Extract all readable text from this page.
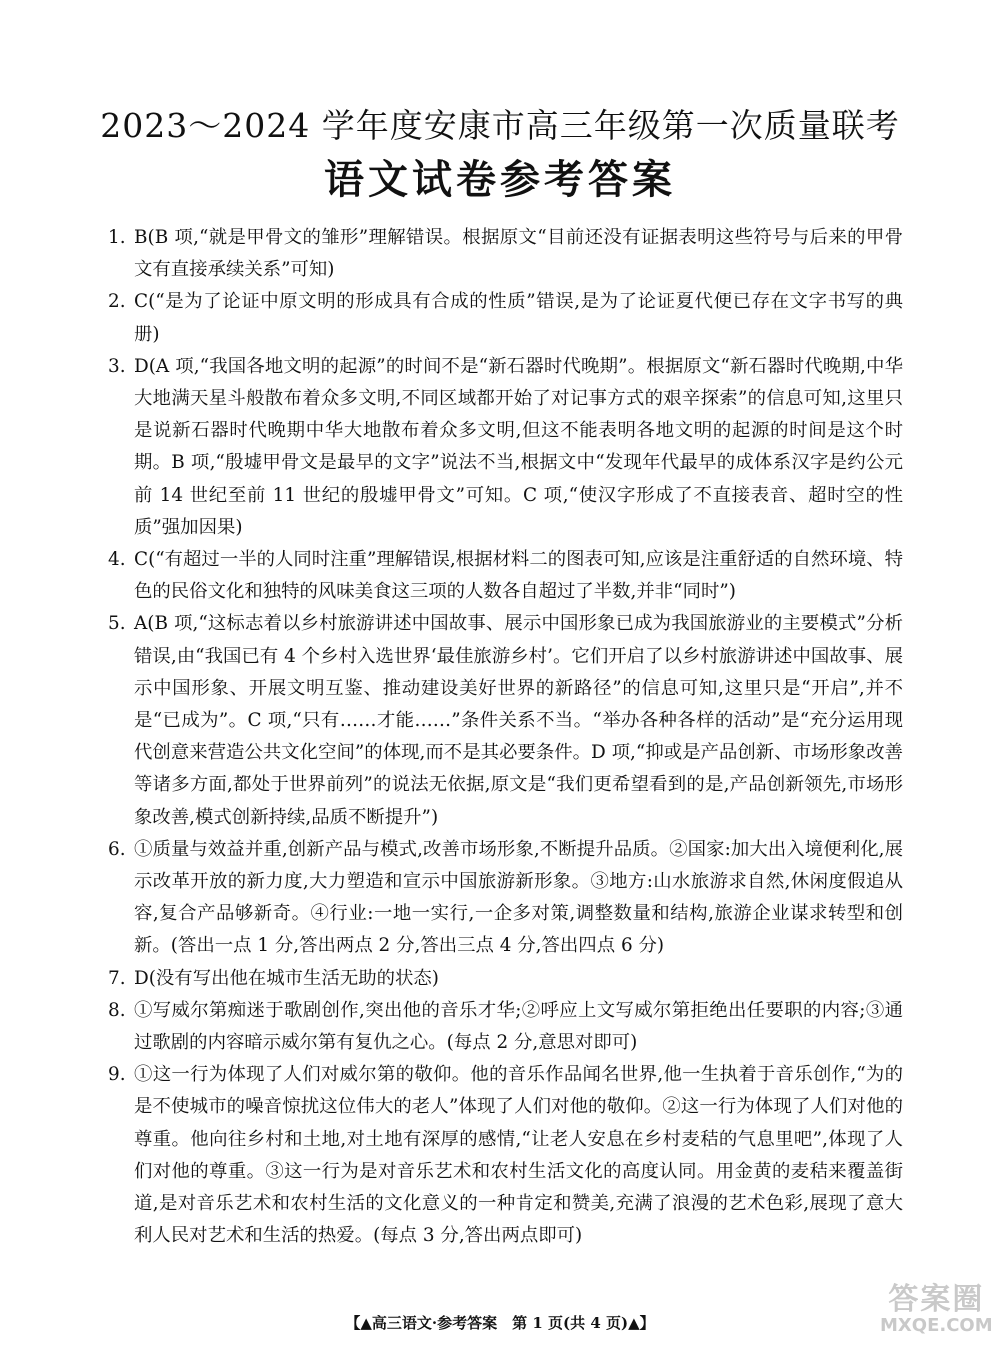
2023～2024 学年度安康市高三年级第一次质量联考
语文试卷参考答案
1. B(B 项,“就是甲骨文的雏形”理解错误。根据原文“目前还没有证据表明这些符号与后来的甲骨文有直接承续关系”可知)
2. C(“是为了论证中原文明的形成具有合成的性质”错误,是为了论证夏代便已存在文字书写的典册)
3. D(A 项,“我国各地文明的起源”的时间不是“新石器时代晚期”。根据原文“新石器时代晚期,中华大地满天星斗般散布着众多文明,不同区域都开始了对记事方式的艰辛探索”的信息可知,这里只是说新石器时代晚期中华大地散布着众多文明,但这不能表明各地文明的起源的时间是这个时期。B 项,“殷墟甲骨文是最早的文字”说法不当,根据文中“发现年代最早的成体系汉字是约公元前 14 世纪至前 11 世纪的殷墟甲骨文”可知。C 项,“使汉字形成了不直接表音、超时空的性质”强加因果)
4. C(“有超过一半的人同时注重”理解错误,根据材料二的图表可知,应该是注重舒适的自然环境、特色的民俗文化和独特的风味美食这三项的人数各自超过了半数,并非“同时”)
5. A(B 项,“这标志着以乡村旅游讲述中国故事、展示中国形象已成为我国旅游业的主要模式”分析错误,由“我国已有 4 个乡村入选世界‘最佳旅游乡村’。它们开启了以乡村旅游讲述中国故事、展示中国形象、开展文明互鉴、推动建设美好世界的新路径”的信息可知,这里只是“开启”,并不是“已成为”。C 项,“只有……才能……”条件关系不当。“举办各种各样的活动”是“充分运用现代创意来营造公共文化空间”的体现,而不是其必要条件。D 项,“抑或是产品创新、市场形象改善等诸多方面,都处于世界前列”的说法无依据,原文是“我们更希望看到的是,产品创新领先,市场形象改善,模式创新持续,品质不断提升”)
6. ①质量与效益并重,创新产品与模式,改善市场形象,不断提升品质。②国家:加大出入境便利化,展示改革开放的新力度,大力塑造和宣示中国旅游新形象。③地方:山水旅游求自然,休闲度假追从容,复合产品够新奇。④行业:一地一实行,一企多对策,调整数量和结构,旅游企业谋求转型和创新。(答出一点 1 分,答出两点 2 分,答出三点 4 分,答出四点 6 分)
7. D(没有写出他在城市生活无助的状态)
8. ①写威尔第痴迷于歌剧创作,突出他的音乐才华;②呼应上文写威尔第拒绝出任要职的内容;③通过歌剧的内容暗示威尔第有复仇之心。(每点 2 分,意思对即可)
9. ①这一行为体现了人们对威尔第的敬仰。他的音乐作品闻名世界,他一生执着于音乐创作,“为的是不使城市的噪音惊扰这位伟大的老人”体现了人们对他的敬仰。②这一行为体现了人们对他的尊重。他向往乡村和土地,对土地有深厚的感情,“让老人安息在乡村麦秸的气息里吧”,体现了人们对他的尊重。③这一行为是对音乐艺术和农村生活文化的高度认同。用金黄的麦秸来覆盖街道,是对音乐艺术和农村生活的文化意义的一种肯定和赞美,充满了浪漫的艺术色彩,展现了意大利人民对艺术和生活的热爱。(每点 3 分,答出两点即可)
【▲高三语文·参考答案　第 1 页(共 4 页)▲】
答案圈
MXQE.COM
